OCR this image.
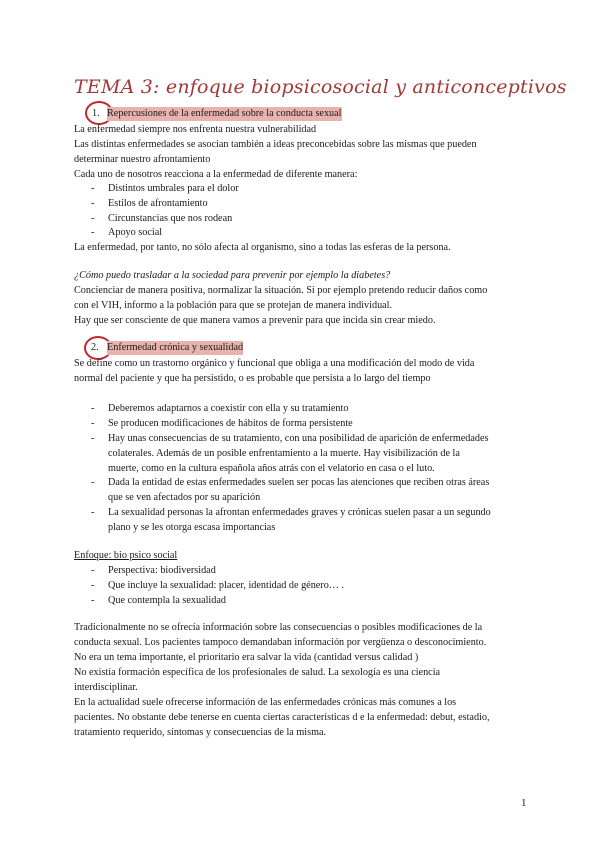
TEMA 3: enfoque biopsicosocial y anticonceptivos
1. Repercusiones de la enfermedad sobre la conducta sexual
La enfermedad siempre nos enfrenta nuestra vulnerabilidad
Las distintas enfermedades se asocian también a ideas preconcebidas sobre las mismas que pueden
determinar nuestro afrontamiento
Cada uno de nosotros reacciona a la enfermedad de diferente manera:
- Distintos umbrales para el dolor
- Estilos de afrontamiento
- Circunstancias que nos rodean
- Apoyo social
La enfermedad, por tanto, no sólo afecta al organismo, sino a todas las esferas de la persona.
¿Cómo puedo trasladar a la sociedad para prevenir por ejemplo la diabetes?
Concienciar de manera positiva, normalizar la situación. Si por ejemplo pretendo reducir daños como
con el VIH, informo a la población para que se protejan de manera individual.
Hay que ser consciente de que manera vamos a prevenir para que incida sin crear miedo.
2. Enfermedad crónica y sexualidad
Se define como un trastorno orgánico y funcional que obliga a una modificación del modo de vida
normal del paciente y que ha persistido, o es probable que persista a lo largo del tiempo
- Deberemos adaptarnos a coexistir con ella y su tratamiento
- Se producen modificaciones de hábitos de forma persistente
- Hay unas consecuencias de su tratamiento, con una posibilidad de aparición de enfermedades
colaterales. Además de un posible enfrentamiento a la muerte. Hay visibilización de la
muerte, como en la cultura española años atrás con el velatorio en casa o el luto.
- Dada la entidad de estas enfermedades suelen ser pocas las atenciones que reciben otras áreas
que se ven afectados por su aparición
- La sexualidad personas la afrontan enfermedades graves y crónicas suelen pasar a un segundo
plano y se les otorga escasa importancias
Enfoque: bio psico social
- Perspectiva: biodiversidad
- Que incluye la sexualidad: placer, identidad de género… .
- Que contempla la sexualidad
Tradicionalmente no se ofrecía información sobre las consecuencias o posibles modificaciones de la
conducta sexual. Los pacientes tampoco demandaban información por vergüenza o desconocimiento.
No era un tema importante, el prioritario era salvar la vida (cantidad versus calidad )
No existía formación específica de los profesionales de salud. La sexología es una ciencia
interdisciplinar.
En la actualidad suele ofrecerse información de las enfermedades crónicas más comunes a los
pacientes. No obstante debe tenerse en cuenta ciertas características d e la enfermedad: debut, estadio,
tratamiento requerido, síntomas y consecuencias de la misma.
1
